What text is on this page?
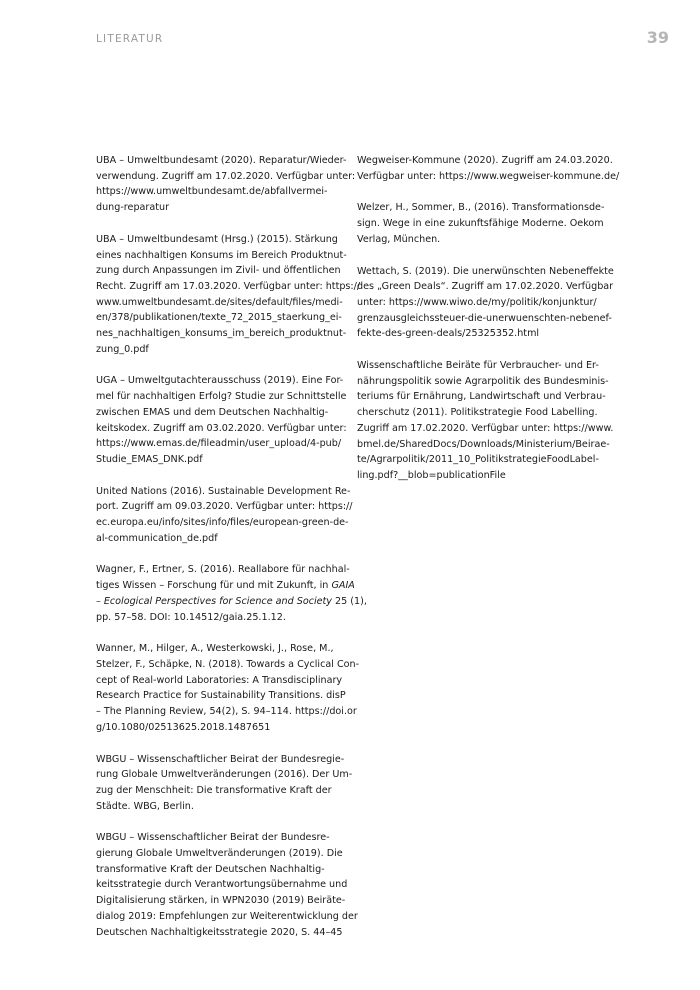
LITERATUR	39
UBA – Umweltbundesamt (2020). Reparatur/Wieder-
verwendung. Zugriff am 17.02.2020. Verfügbar unter:
https://www.umweltbundesamt.de/abfallvermei-
dung-reparatur
UBA – Umweltbundesamt (Hrsg.) (2015). Stärkung
eines nachhaltigen Konsums im Bereich Produktnut-
zung durch Anpassungen im Zivil- und öffentlichen
Recht. Zugriff am 17.03.2020. Verfügbar unter: https://
www.umweltbundesamt.de/sites/default/files/medi-
en/378/publikationen/texte_72_2015_staerkung_ei-
nes_nachhaltigen_konsums_im_bereich_produktnut-
zung_0.pdf
UGA – Umweltgutachterausschuss (2019). Eine For-
mel für nachhaltigen Erfolg? Studie zur Schnittstelle
zwischen EMAS und dem Deutschen Nachhaltig-
keitskodex. Zugriff am 03.02.2020. Verfügbar unter:
https://www.emas.de/fileadmin/user_upload/4-pub/
Studie_EMAS_DNK.pdf
United Nations (2016). Sustainable Development Re-
port. Zugriff am 09.03.2020. Verfügbar unter: https://
ec.europa.eu/info/sites/info/files/european-green-de-
al-communication_de.pdf
Wagner, F., Ertner, S. (2016). Reallabore für nachhal-
tiges Wissen – Forschung für und mit Zukunft, in GAIA
– Ecological Perspectives for Science and Society 25 (1),
pp. 57–58. DOI: 10.14512/gaia.25.1.12.
Wanner, M., Hilger, A., Westerkowski, J., Rose, M.,
Stelzer, F., Schäpke, N. (2018). Towards a Cyclical Con-
cept of Real-world Laboratories: A Transdisciplinary
Research Practice for Sustainability Transitions. disP
– The Planning Review, 54(2), S. 94–114. https://doi.or
g/10.1080/02513625.2018.1487651
WBGU – Wissenschaftlicher Beirat der Bundesregie-
rung Globale Umweltveränderungen (2016). Der Um-
zug der Menschheit: Die transformative Kraft der
Städte. WBG, Berlin.
WBGU – Wissenschaftlicher Beirat der Bundesre-
gierung Globale Umweltveränderungen (2019). Die
transformative Kraft der Deutschen Nachhaltig-
keitsstrategie durch Verantwortungsübernahme und
Digitalisierung stärken, in WPN2030 (2019) Beiräte-
dialog 2019: Empfehlungen zur Weiterentwicklung der
Deutschen Nachhaltigkeitsstrategie 2020, S. 44–45
Wegweiser-Kommune (2020). Zugriff am 24.03.2020.
Verfügbar unter: https://www.wegweiser-kommune.de/
Welzer, H., Sommer, B., (2016). Transformationsde-
sign. Wege in eine zukunftsfähige Moderne. Oekom
Verlag, München.
Wettach, S. (2019). Die unerwünschten Nebeneffekte
des „Green Deals“. Zugriff am 17.02.2020. Verfügbar
unter: https://www.wiwo.de/my/politik/konjunktur/
grenzausgleichssteuer-die-unerwuenschten-nebenef-
fekte-des-green-deals/25325352.html
Wissenschaftliche Beiräte für Verbraucher- und Er-
nährungspolitik sowie Agrarpolitik des Bundesminis-
teriums für Ernährung, Landwirtschaft und Verbrau-
cherschutz (2011). Politikstrategie Food Labelling.
Zugriff am 17.02.2020. Verfügbar unter: https://www.
bmel.de/SharedDocs/Downloads/Ministerium/Beirae-
te/Agrarpolitik/2011_10_PolitikstrategieFoodLabel-
ling.pdf?__blob=publicationFile
